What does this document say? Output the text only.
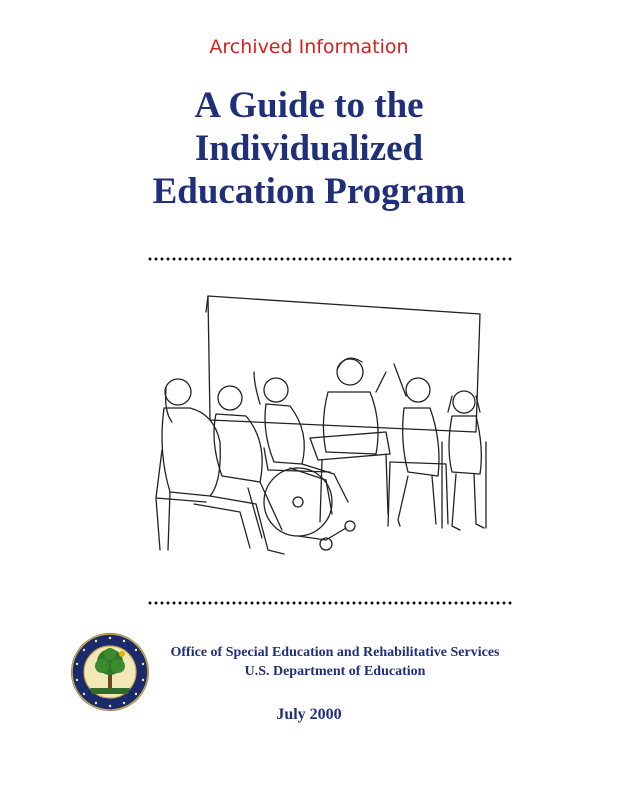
Archived Information
A Guide to the
Individualized
Education Program
Office of Special Education and Rehabilitative Services
U.S. Department of Education
July 2000
